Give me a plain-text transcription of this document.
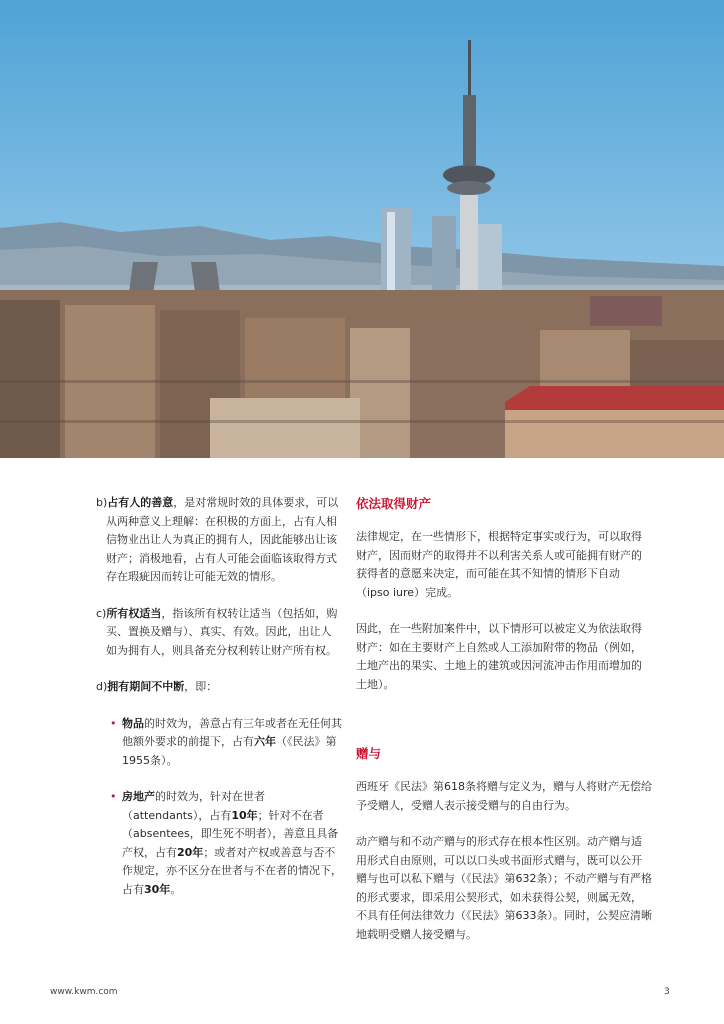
b)占有人的善意，是对常规时效的具体要求，可以从两种意义上理解：在积极的方面上，占有人相信物业出让人为真正的拥有人，因此能够出让该财产；消极地看，占有人可能会面临该取得方式存在瑕疵因而转让可能无效的情形。

c)所有权适当，指该所有权转让适当（包括如，购买、置换及赠与）、真实、有效。因此，出让人如为拥有人，则具备充分权利转让财产所有权。

d)拥有期间不中断，即：

• 物品的时效为，善意占有三年或者在无任何其他额外要求的前提下，占有六年（《民法》第1955条）。
• 房地产的时效为，针对在世者（attendants），占有10年；针对不在者（absentees，即生死不明者），善意且具备产权，占有20年；或者对产权或善意与否不作规定，亦不区分在世者与不在者的情况下，占有30年。
依法取得财产

法律规定，在一些情形下，根据特定事实或行为，可以取得财产，因而财产的取得并不以利害关系人或可能拥有财产的获得者的意愿来决定，而可能在其不知情的情形下自动（ipso iure）完成。

因此，在一些附加案件中，以下情形可以被定义为依法取得财产：如在主要财产上自然或人工添加附带的物品（例如，土地产出的果实、土地上的建筑或因河流冲击作用而增加的土地）。

赠与

西班牙《民法》第618条将赠与定义为，赠与人将财产无偿给予受赠人，受赠人表示接受赠与的自由行为。

动产赠与和不动产赠与的形式存在根本性区别。动产赠与适用形式自由原则，可以以口头或书面形式赠与，既可以公开赠与也可以私下赠与（《民法》第632条）；不动产赠与有严格的形式要求，即采用公契形式，如未获得公契，则属无效，不具有任何法律效力（《民法》第633条）。同时，公契应清晰地载明受赠人接受赠与。

www.kwm.com	3
